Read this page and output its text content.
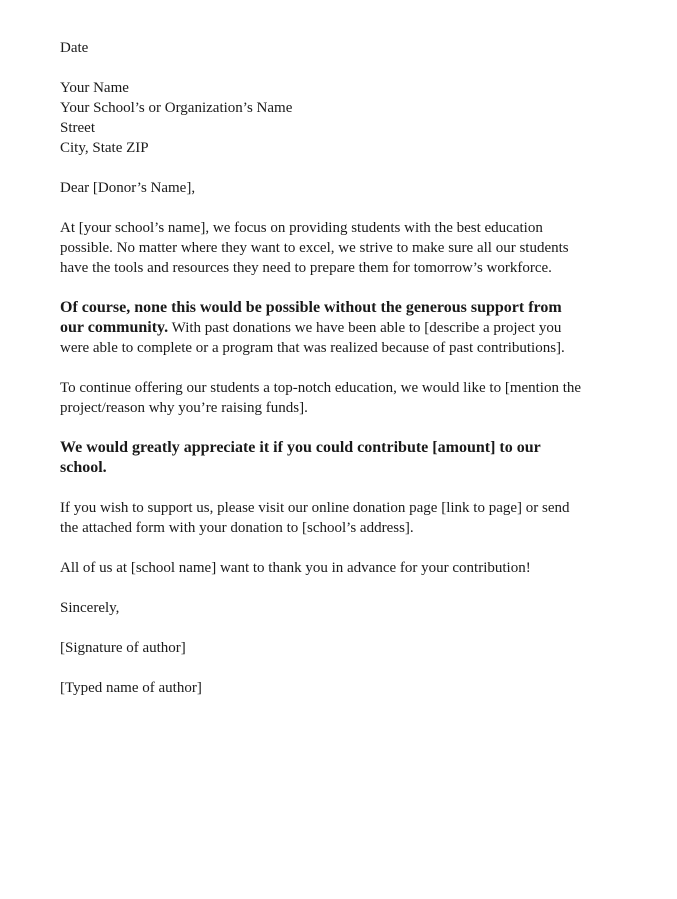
Date
Your Name
Your School’s or Organization’s Name
Street
City, State ZIP
Dear [Donor’s Name],
At [your school’s name], we focus on providing students with the best education
possible. No matter where they want to excel, we strive to make sure all our students
have the tools and resources they need to prepare them for tomorrow’s workforce.
Of course, none this would be possible without the generous support from
our community. With past donations we have been able to [describe a project you
were able to complete or a program that was realized because of past contributions].
To continue offering our students a top-notch education, we would like to [mention the
project/reason why you’re raising funds].
We would greatly appreciate it if you could contribute [amount] to our
school.
If you wish to support us, please visit our online donation page [link to page] or send
the attached form with your donation to [school’s address].
All of us at [school name] want to thank you in advance for your contribution!
Sincerely,
[Signature of author]
[Typed name of author]
